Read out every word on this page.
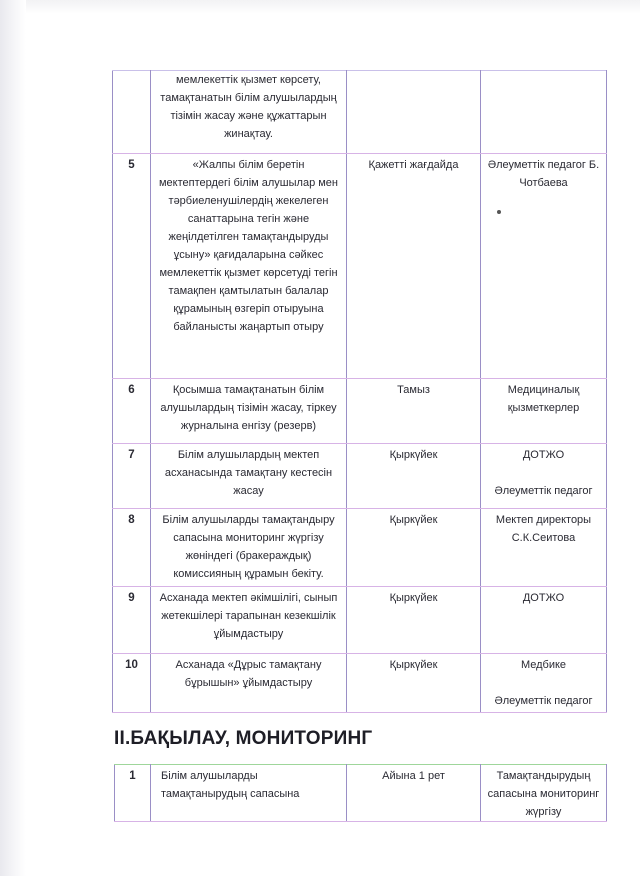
	мемлекеттік қызмет көрсету, тамақтанатын білім алушылардың тізімін жасау және құжаттарын жинақтау.		
5	«Жалпы білім беретін мектептердегі білім алушылар мен тәрбиеленушілердің жекелеген санаттарына тегін және жеңілдетілген тамақтандыруды ұсыну» қағидаларына сәйкес мемлекеттік қызмет көрсетуді тегін тамақпен қамтылатын балалар құрамының өзгеріп отыруына байланысты жаңартып отыру	Қажетті жағдайда	Әлеуметтік педагог Б. Чотбаева

6	Қосымша тамақтанатын білім алушылардың тізімін жасау, тіркеу журналына енгізу (резерв)	Тамыз	Медициналық қызметкерлер
7	Білім алушылардың мектеп асханасында тамақтану кестесін жасау	Қыркүйек	ДОТЖО
Әлеуметтік педагог
8	Білім алушыларды тамақтандыру сапасына мониторинг жүргізу жөніндегі (бракераждық) комиссияның құрамын бекіту.	Қыркүйек	Мектеп директоры С.К.Сеитова
9	Асханада мектеп әкімшілігі, сынып жетекшілері тарапынан кезекшілік ұйымдастыру	Қыркүйек	ДОТЖО
10	Асханада «Дұрыс тамақтану бұрышын» ұйымдастыру	Қыркүйек	Медбике
Әлеуметтік педагог
II.БАҚЫЛАУ, МОНИТОРИНГ
1	Білім алушыларды тамақтанырудың сапасына	Айына 1 рет	Тамақтандырудың сапасына мониторинг жүргізу
